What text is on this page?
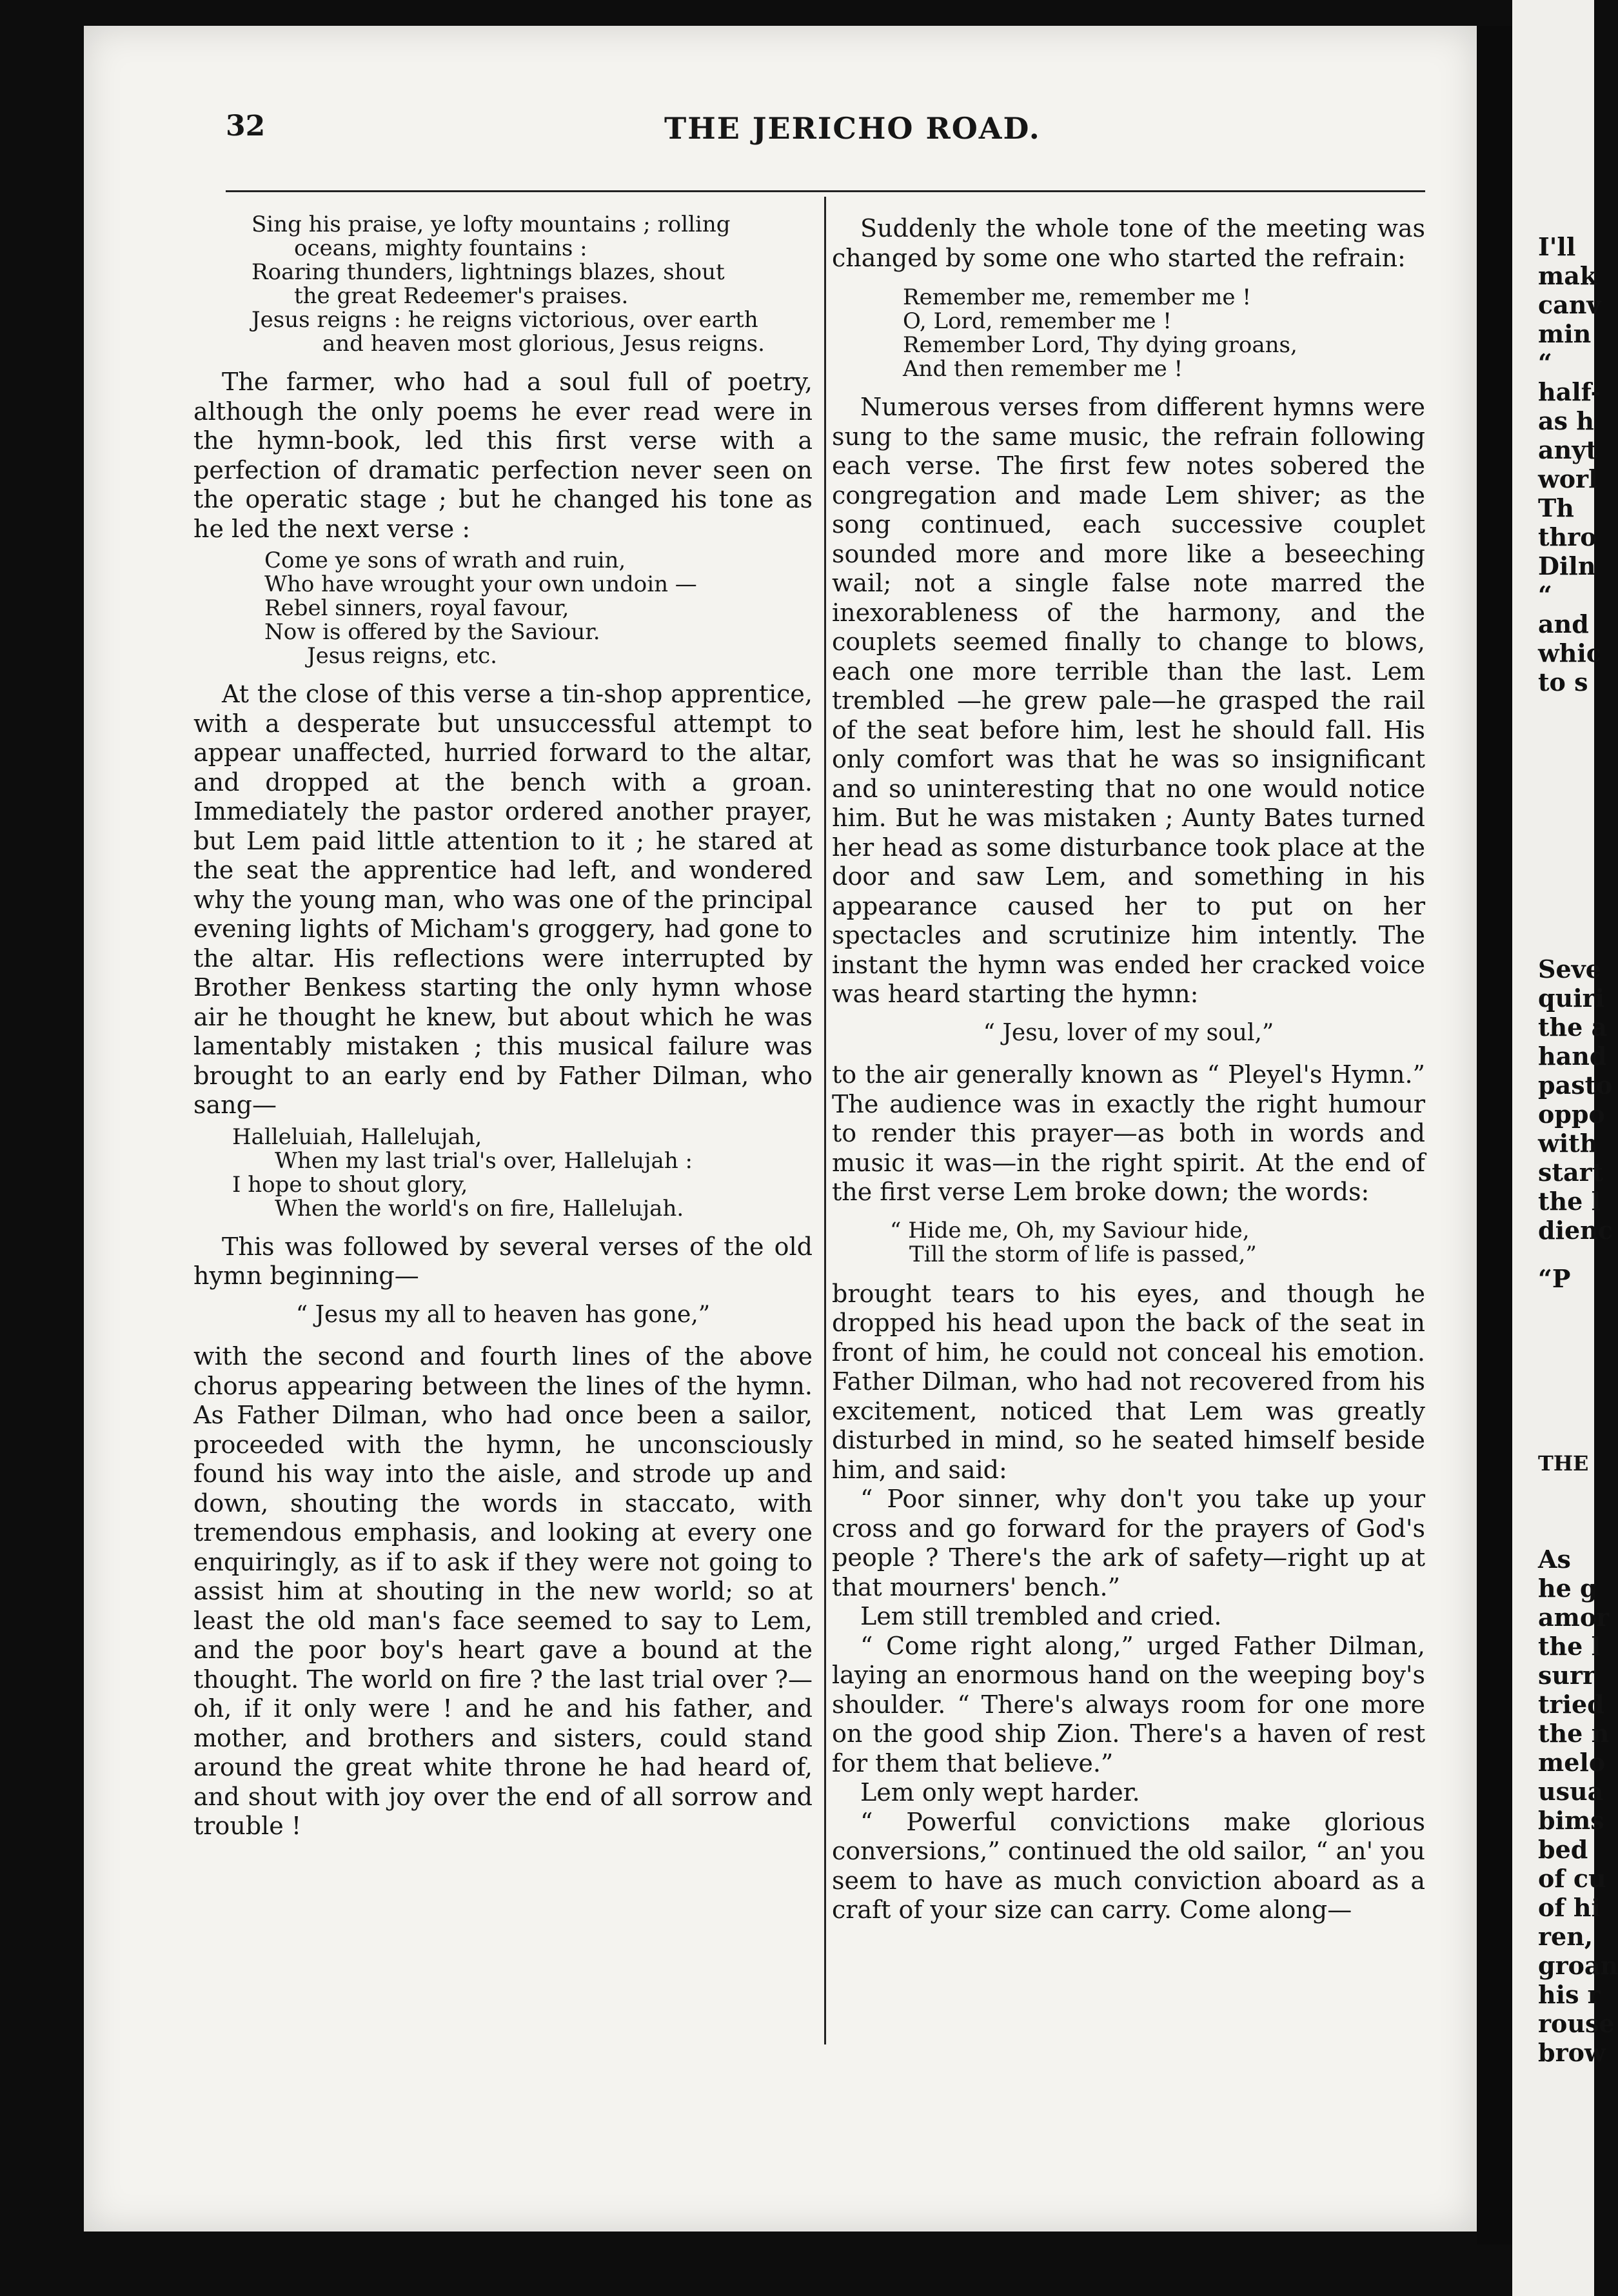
I'll
mak
canv
min
“
half-
as h
anyt
worl
Th
thro
Diln
“
and
whic
to s
Seve
quiri
the a
hand
pasto
oppo
with
start
the l
dienc
“P
THE
As
he g
amor
the l
surr
tried
the n
melo
usua
bims
bed
of cu
of hi
ren,
groan
his r
rouse
brow
32	THE JERICHO ROAD.
Sing his praise, ye lofty mountains ; rolling
oceans, mighty fountains :
Roaring thunders, lightnings blazes, shout
the great Redeemer's praises.
Jesus reigns : he reigns victorious, over earth
and heaven most glorious, Jesus reigns.

The farmer, who had a soul full of poetry, although the only poems he ever read were in the hymn-book, led this first verse with a perfection of dramatic perfection never seen on the operatic stage ; but he changed his tone as he led the next verse :

Come ye sons of wrath and ruin,
Who have wrought your own undoin —
Rebel sinners, royal favour,
Now is offered by the Saviour.
Jesus reigns, etc.

At the close of this verse a tin-shop apprentice, with a desperate but unsuccessful attempt to appear unaffected, hurried forward to the altar, and dropped at the bench with a groan. Immediately the pastor ordered another prayer, but Lem paid little attention to it ; he stared at the seat the apprentice had left, and wondered why the young man, who was one of the principal evening lights of Micham's groggery, had gone to the altar. His reflections were interrupted by Brother Benkess starting the only hymn whose air he thought he knew, but about which he was lamentably mistaken ; this musical failure was brought to an early end by Father Dilman, who sang—

Halleluiah, Hallelujah,
When my last trial's over, Hallelujah :
I hope to shout glory,
When the world's on fire, Hallelujah.

This was followed by several verses of the old hymn beginning—

“ Jesus my all to heaven has gone,”

with the second and fourth lines of the above chorus appearing between the lines of the hymn. As Father Dilman, who had once been a sailor, proceeded with the hymn, he unconsciously found his way into the aisle, and strode up and down, shouting the words in staccato, with tremendous emphasis, and looking at every one enquiringly, as if to ask if they were not going to assist him at shouting in the new world; so at least the old man's face seemed to say to Lem, and the poor boy's heart gave a bound at the thought. The world on fire ? the last trial over ?—oh, if it only were ! and he and his father, and mother, and brothers and sisters, could stand around the great white throne he had heard of, and shout with joy over the end of all sorrow and trouble !

Suddenly the whole tone of the meeting was changed by some one who started the refrain:

Remember me, remember me !
O, Lord, remember me !
Remember Lord, Thy dying groans,
And then remember me !

Numerous verses from different hymns were sung to the same music, the refrain following each verse. The first few notes sobered the congregation and made Lem shiver; as the song continued, each successive couplet sounded more and more like a beseeching wail; not a single false note marred the inexorableness of the harmony, and the couplets seemed finally to change to blows, each one more terrible than the last. Lem trembled —he grew pale—he grasped the rail of the seat before him, lest he should fall. His only comfort was that he was so insignificant and so uninteresting that no one would notice him. But he was mistaken ; Aunty Bates turned her head as some disturbance took place at the door and saw Lem, and something in his appearance caused her to put on her spectacles and scrutinize him intently. The instant the hymn was ended her cracked voice was heard starting the hymn:

“ Jesu, lover of my soul,”

to the air generally known as “ Pleyel's Hymn.” The audience was in exactly the right humour to render this prayer—as both in words and music it was—in the right spirit. At the end of the first verse Lem broke down; the words:

“ Hide me, Oh, my Saviour hide,
Till the storm of life is passed,”

brought tears to his eyes, and though he dropped his head upon the back of the seat in front of him, he could not conceal his emotion. Father Dilman, who had not recovered from his excitement, noticed that Lem was greatly disturbed in mind, so he seated himself beside him, and said:

“ Poor sinner, why don't you take up your cross and go forward for the prayers of God's people ? There's the ark of safety—right up at that mourners' bench.”

Lem still trembled and cried.

“ Come right along,” urged Father Dilman, laying an enormous hand on the weeping boy's shoulder. “ There's always room for one more on the good ship Zion. There's a haven of rest for them that believe.”

Lem only wept harder.

“ Powerful convictions make glorious conversions,” continued the old sailor, “ an' you seem to have as much conviction aboard as a craft of your size can carry. Come along—
